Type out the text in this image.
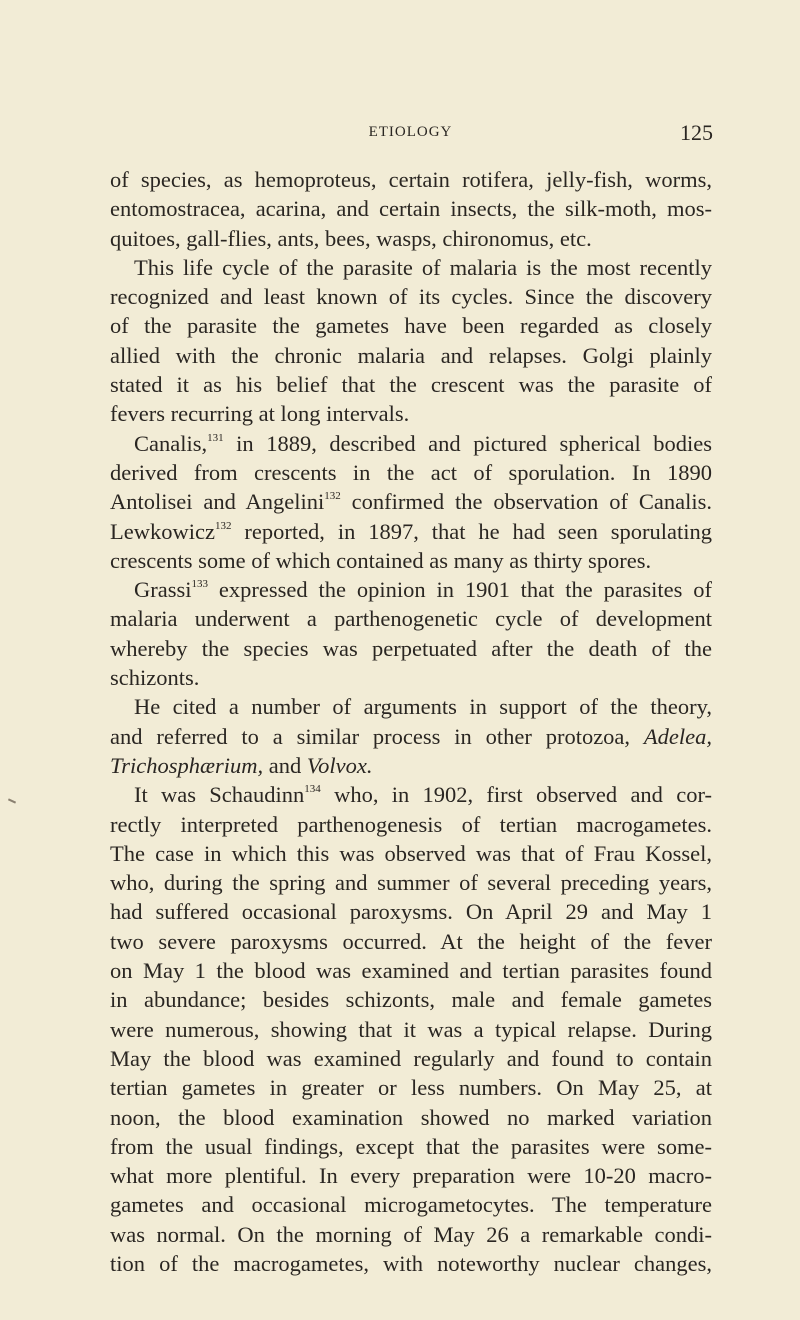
ETIOLOGY	125
of species, as hemoproteus, certain rotifera, jelly-fish, worms,
entomostracea, acarina, and certain insects, the silk-moth, mos-
quitoes, gall-flies, ants, bees, wasps, chironomus, etc.
This life cycle of the parasite of malaria is the most recently
recognized and least known of its cycles. Since the discovery
of the parasite the gametes have been regarded as closely
allied with the chronic malaria and relapses. Golgi plainly
stated it as his belief that the crescent was the parasite of
fevers recurring at long intervals.
Canalis,$^{131}$ in 1889, described and pictured spherical bodies
derived from crescents in the act of sporulation. In 1890
Antolisei and Angelini$^{132}$ confirmed the observation of Canalis.
Lewkowicz$^{132}$ reported, in 1897, that he had seen sporulating
crescents some of which contained as many as thirty spores.
Grassi$^{133}$ expressed the opinion in 1901 that the parasites of
malaria underwent a parthenogenetic cycle of development
whereby the species was perpetuated after the death of the
schizonts.
He cited a number of arguments in support of the theory,
and referred to a similar process in other protozoa, Adelea,
Trichosphærium, and Volvox.
It was Schaudinn$^{134}$ who, in 1902, first observed and cor-
rectly interpreted parthenogenesis of tertian macrogametes.
The case in which this was observed was that of Frau Kossel,
who, during the spring and summer of several preceding years,
had suffered occasional paroxysms. On April 29 and May 1
two severe paroxysms occurred. At the height of the fever
on May 1 the blood was examined and tertian parasites found
in abundance; besides schizonts, male and female gametes
were numerous, showing that it was a typical relapse. During
May the blood was examined regularly and found to contain
tertian gametes in greater or less numbers. On May 25, at
noon, the blood examination showed no marked variation
from the usual findings, except that the parasites were some-
what more plentiful. In every preparation were 10-20 macro-
gametes and occasional microgametocytes. The temperature
was normal. On the morning of May 26 a remarkable condi-
tion of the macrogametes, with noteworthy nuclear changes,
